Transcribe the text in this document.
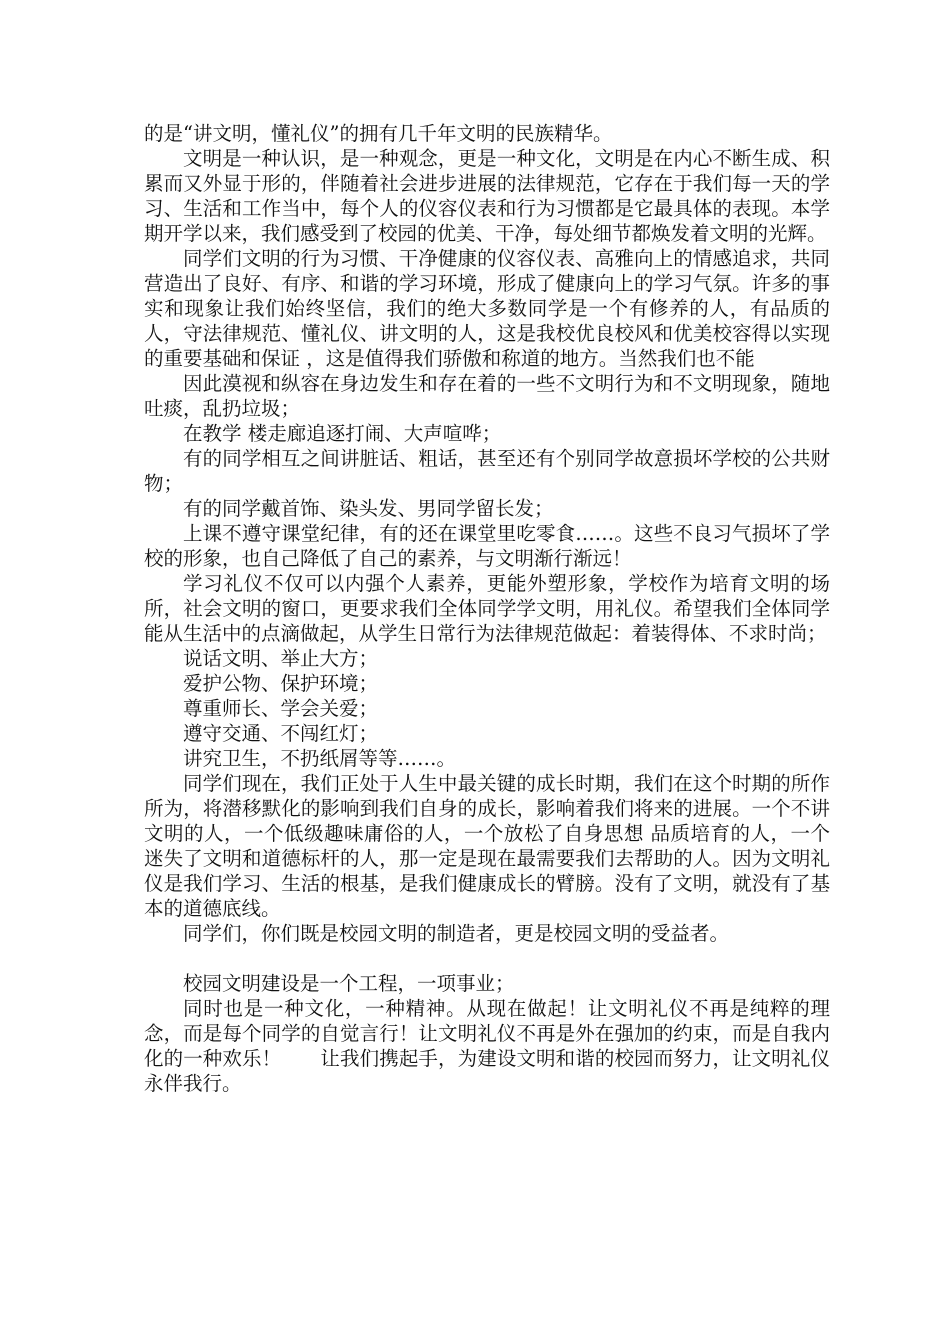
的是“讲文明，懂礼仪”的拥有几千年文明的民族精华。

文明是一种认识，是一种观念，更是一种文化，文明是在内心不断生成、积累而又外显于形的，伴随着社会进步进展的法律规范，它存在于我们每一天的学习、生活和工作当中，每个人的仪容仪表和行为习惯都是它最具体的表现。本学期开学以来，我们感受到了校园的优美、干净，每处细节都焕发着文明的光辉。

同学们文明的行为习惯、干净健康的仪容仪表、高雅向上的情感追求，共同营造出了良好、有序、和谐的学习环境，形成了健康向上的学习气氛。许多的事实和现象让我们始终坚信，我们的绝大多数同学是一个有修养的人，有品质的人，守法律规范、懂礼仪、讲文明的人，这是我校优良校风和优美校容得以实现的重要基础和保证 ，这是值得我们骄傲和称道的地方。当然我们也不能

因此漠视和纵容在身边发生和存在着的一些不文明行为和不文明现象，随地吐痰，乱扔垃圾；

在教学 楼走廊追逐打闹、大声喧哗；

有的同学相互之间讲脏话、粗话，甚至还有个别同学故意损坏学校的公共财物；

有的同学戴首饰、染头发、男同学留长发；

上课不遵守课堂纪律，有的还在课堂里吃零食……。这些不良习气损坏了学校的形象，也自己降低了自己的素养，与文明渐行渐远！

学习礼仪不仅可以内强个人素养，更能外塑形象，学校作为培育文明的场所，社会文明的窗口，更要求我们全体同学学文明，用礼仪。希望我们全体同学能从生活中的点滴做起，从学生日常行为法律规范做起：着装得体、不求时尚；

说话文明、举止大方；

爱护公物、保护环境；

尊重师长、学会关爱；

遵守交通、不闯红灯；

讲究卫生，不扔纸屑等等……。

同学们现在，我们正处于人生中最关键的成长时期，我们在这个时期的所作所为，将潜移默化的影响到我们自身的成长，影响着我们将来的进展。一个不讲文明的人，一个低级趣味庸俗的人，一个放松了自身思想 品质培育的人，一个迷失了文明和道德标杆的人，那一定是现在最需要我们去帮助的人。因为文明礼仪是我们学习、生活的根基，是我们健康成长的臂膀。没有了文明，就没有了基本的道德底线。

同学们，你们既是校园文明的制造者，更是校园文明的受益者。

校园文明建设是一个工程，一项事业；

同时也是一种文化，一种精神。从现在做起！让文明礼仪不再是纯粹的理念，而是每个同学的自觉言行！让文明礼仪不再是外在强加的约束，而是自我内化的一种欢乐！　　让我们携起手，为建设文明和谐的校园而努力，让文明礼仪永伴我行。
